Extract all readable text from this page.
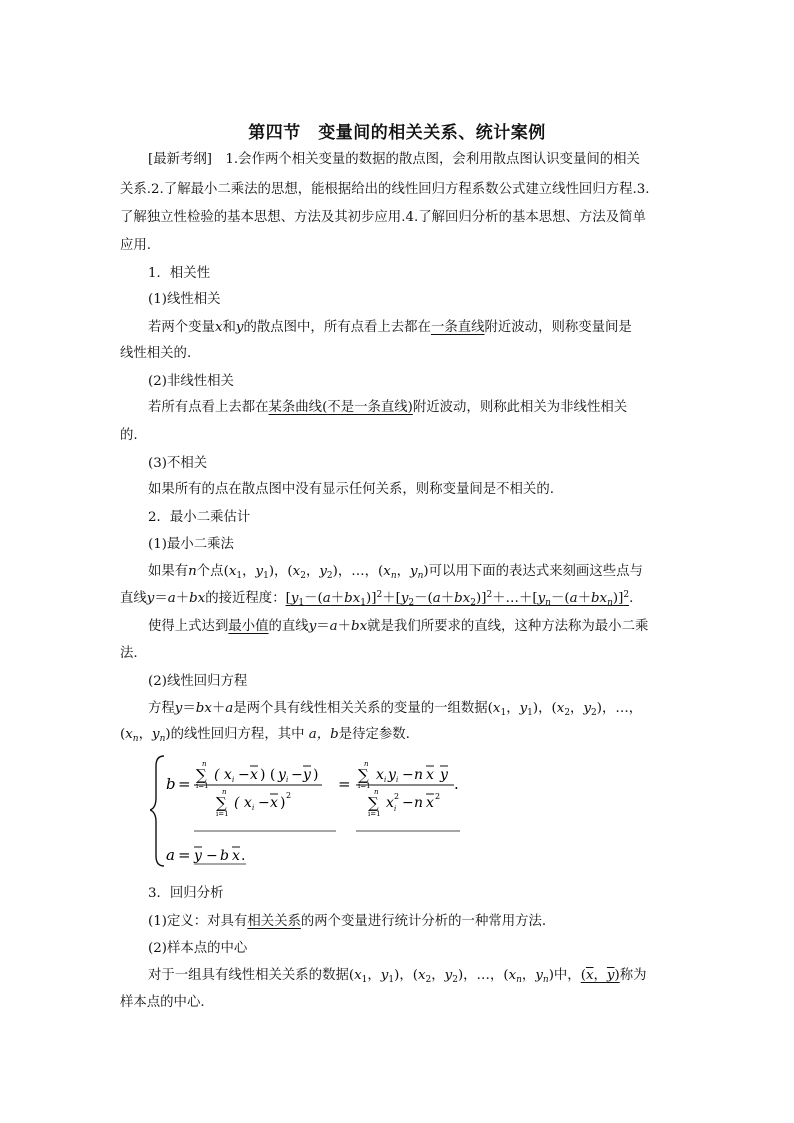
第四节　变量间的相关关系、统计案例
[最新考纲]　1.会作两个相关变量的数据的散点图，会利用散点图认识变量间的相关
关系.2.了解最小二乘法的思想，能根据给出的线性回归方程系数公式建立线性回归方程.3.
了解独立性检验的基本思想、方法及其初步应用.4.了解回归分析的基本思想、方法及简单
应用.
1．相关性
(1)线性相关
若两个变量x和y的散点图中，所有点看上去都在一条直线附近波动，则称变量间是
线性相关的.
(2)非线性相关
若所有点看上去都在某条曲线(不是一条直线)附近波动，则称此相关为非线性相关
的.
(3)不相关
如果所有的点在散点图中没有显示任何关系，则称变量间是不相关的.
2．最小二乘估计
(1)最小二乘法
如果有n个点($x_1$，$y_1$)，($x_2$，$y_2$)，…，($x_n$，$y_n$)可以用下面的表达式来刻画这些点与
直线y＝a＋bx的接近程度：$[y_1-(a+bx_1)]^2+[y_2-(a+bx_2)]^2+\dots+[y_n-(a+bx_n)]^2$.
使得上式达到最小值的直线y＝a＋bx就是我们所要求的直线，这种方法称为最小二乘
法.
(2)线性回归方程
方程y＝bx＋a是两个具有线性相关关系的变量的一组数据($x_1$，$y_1$)，($x_2$，$y_2$)，…，
($x_n$，$y_n$)的线性回归方程，其中 a，b是待定参数.
b =
n
∑
i=1
( x i − x ) ( y i − y )
n
∑
i=1
( x i − x ) 2
=
n
∑
i=1
x i y i − n x y
n
∑
i=1
x 2
i − n x 2
.
a = y − b x .
3．回归分析
(1)定义：对具有相关关系的两个变量进行统计分析的一种常用方法.
(2)样本点的中心
对于一组具有线性相关关系的数据($x_1$，$y_1$)，($x_2$，$y_2$)，…，($x_n$，$y_n$)中，(x，y)称为
样本点的中心.
